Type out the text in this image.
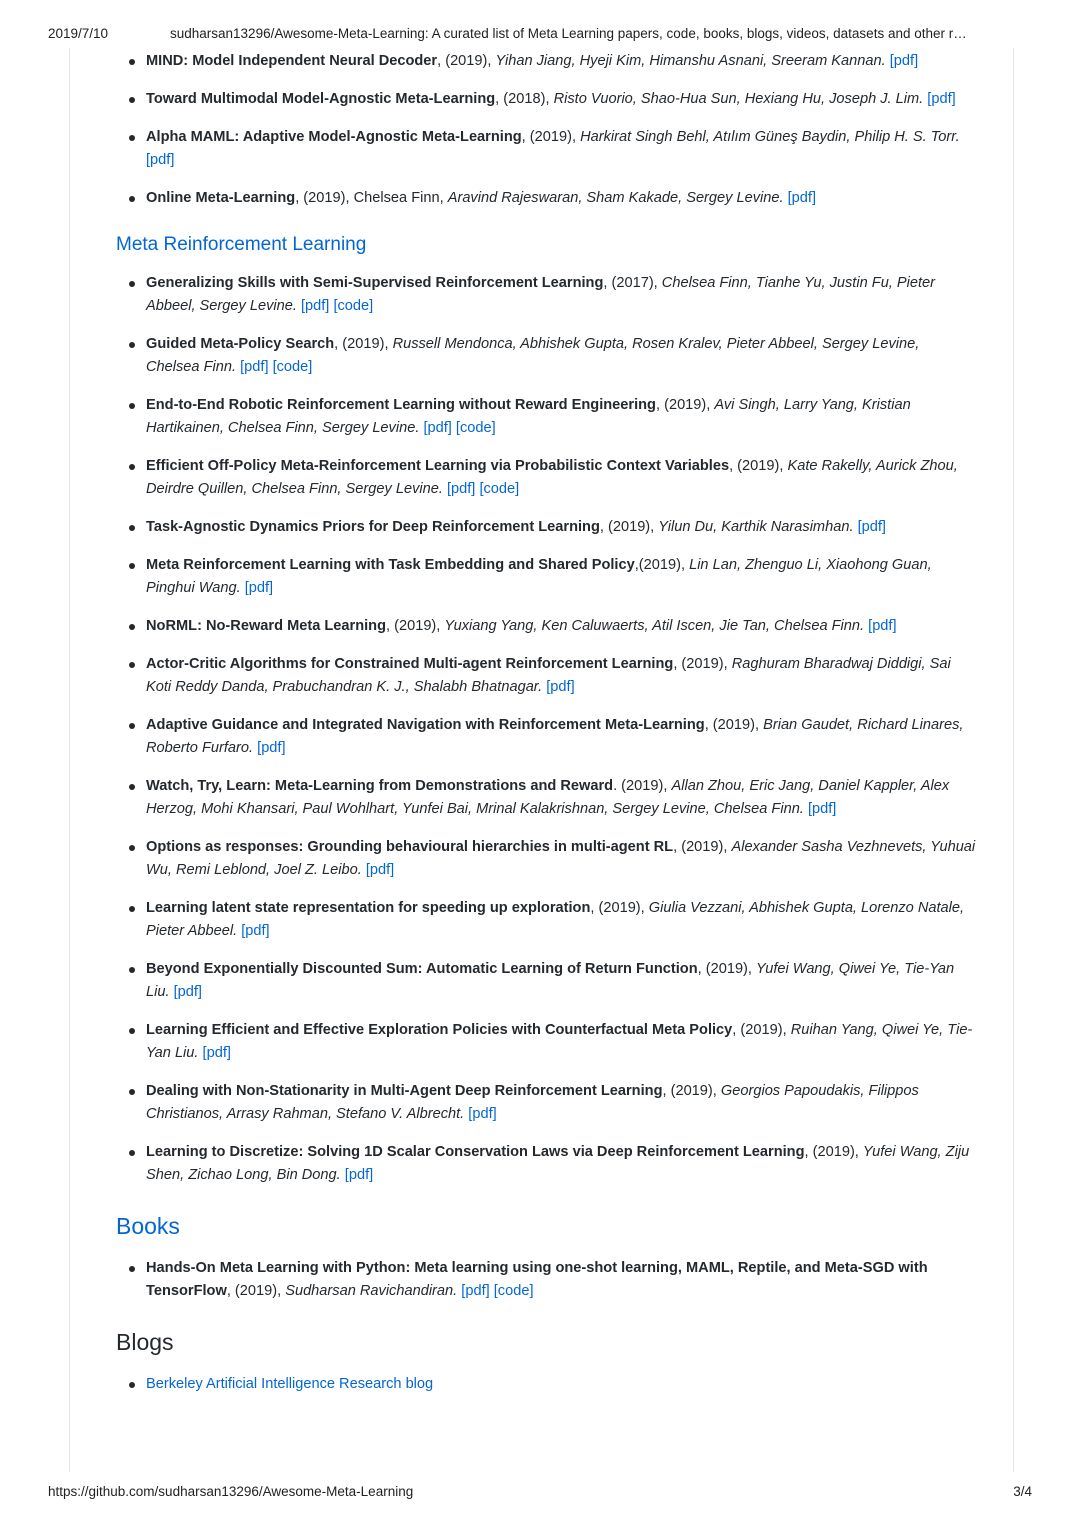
2019/7/10	sudharsan13296/Awesome-Meta-Learning: A curated list of Meta Learning papers, code, books, blogs, videos, datasets and other r…
MIND: Model Independent Neural Decoder, (2019), Yihan Jiang, Hyeji Kim, Himanshu Asnani, Sreeram Kannan. [pdf]
Toward Multimodal Model-Agnostic Meta-Learning, (2018), Risto Vuorio, Shao-Hua Sun, Hexiang Hu, Joseph J. Lim. [pdf]
Alpha MAML: Adaptive Model-Agnostic Meta-Learning, (2019), Harkirat Singh Behl, Atılım Güneş Baydin, Philip H. S. Torr. [pdf]
Online Meta-Learning, (2019), Chelsea Finn, Aravind Rajeswaran, Sham Kakade, Sergey Levine. [pdf]
Meta Reinforcement Learning
Generalizing Skills with Semi-Supervised Reinforcement Learning, (2017), Chelsea Finn, Tianhe Yu, Justin Fu, Pieter Abbeel, Sergey Levine. [pdf] [code]
Guided Meta-Policy Search, (2019), Russell Mendonca, Abhishek Gupta, Rosen Kralev, Pieter Abbeel, Sergey Levine, Chelsea Finn. [pdf] [code]
End-to-End Robotic Reinforcement Learning without Reward Engineering, (2019), Avi Singh, Larry Yang, Kristian Hartikainen, Chelsea Finn, Sergey Levine. [pdf] [code]
Efficient Off-Policy Meta-Reinforcement Learning via Probabilistic Context Variables, (2019), Kate Rakelly, Aurick Zhou, Deirdre Quillen, Chelsea Finn, Sergey Levine. [pdf] [code]
Task-Agnostic Dynamics Priors for Deep Reinforcement Learning, (2019), Yilun Du, Karthik Narasimhan. [pdf]
Meta Reinforcement Learning with Task Embedding and Shared Policy,(2019), Lin Lan, Zhenguo Li, Xiaohong Guan, Pinghui Wang. [pdf]
NoRML: No-Reward Meta Learning, (2019), Yuxiang Yang, Ken Caluwaerts, Atil Iscen, Jie Tan, Chelsea Finn. [pdf]
Actor-Critic Algorithms for Constrained Multi-agent Reinforcement Learning, (2019), Raghuram Bharadwaj Diddigi, Sai Koti Reddy Danda, Prabuchandran K. J., Shalabh Bhatnagar. [pdf]
Adaptive Guidance and Integrated Navigation with Reinforcement Meta-Learning, (2019), Brian Gaudet, Richard Linares, Roberto Furfaro. [pdf]
Watch, Try, Learn: Meta-Learning from Demonstrations and Reward. (2019), Allan Zhou, Eric Jang, Daniel Kappler, Alex Herzog, Mohi Khansari, Paul Wohlhart, Yunfei Bai, Mrinal Kalakrishnan, Sergey Levine, Chelsea Finn. [pdf]
Options as responses: Grounding behavioural hierarchies in multi-agent RL, (2019), Alexander Sasha Vezhnevets, Yuhuai Wu, Remi Leblond, Joel Z. Leibo. [pdf]
Learning latent state representation for speeding up exploration, (2019), Giulia Vezzani, Abhishek Gupta, Lorenzo Natale, Pieter Abbeel. [pdf]
Beyond Exponentially Discounted Sum: Automatic Learning of Return Function, (2019), Yufei Wang, Qiwei Ye, Tie-Yan Liu. [pdf]
Learning Efficient and Effective Exploration Policies with Counterfactual Meta Policy, (2019), Ruihan Yang, Qiwei Ye, Tie-Yan Liu. [pdf]
Dealing with Non-Stationarity in Multi-Agent Deep Reinforcement Learning, (2019), Georgios Papoudakis, Filippos Christianos, Arrasy Rahman, Stefano V. Albrecht. [pdf]
Learning to Discretize: Solving 1D Scalar Conservation Laws via Deep Reinforcement Learning, (2019), Yufei Wang, Ziju Shen, Zichao Long, Bin Dong. [pdf]
Books
Hands-On Meta Learning with Python: Meta learning using one-shot learning, MAML, Reptile, and Meta-SGD with TensorFlow, (2019), Sudharsan Ravichandiran. [pdf] [code]
Blogs
Berkeley Artificial Intelligence Research blog
https://github.com/sudharsan13296/Awesome-Meta-Learning	3/4
